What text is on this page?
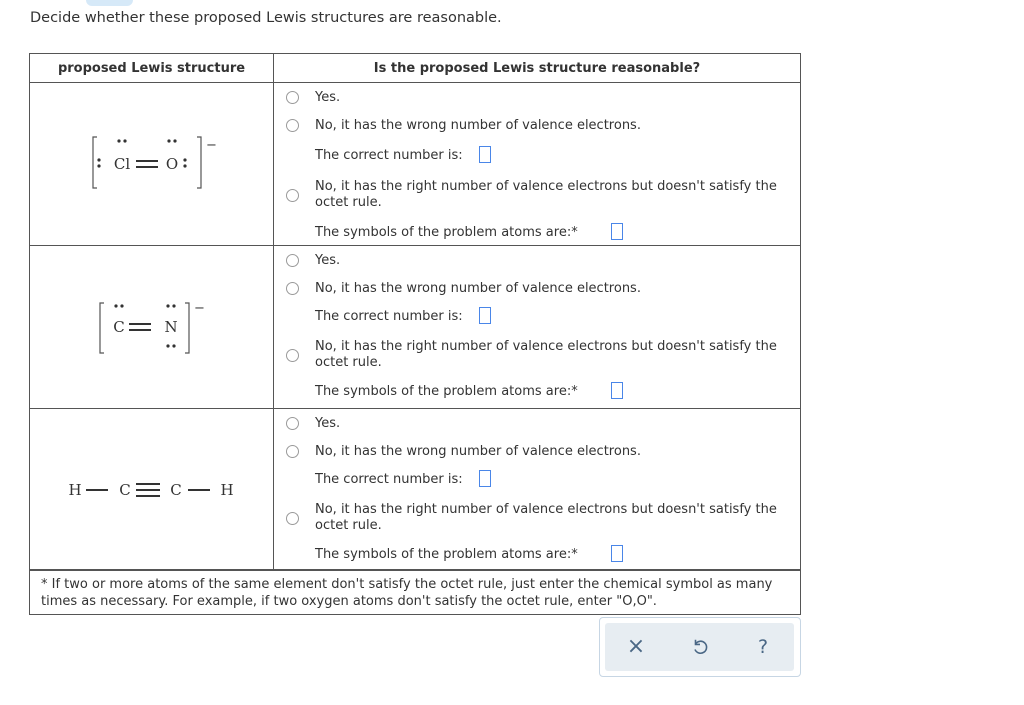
Decide whether these proposed Lewis structures are reasonable.
proposed Lewis structure	Is the proposed Lewis structure reasonable?
−
Cl O
Yes.
No, it has the wrong number of valence electrons.
The correct number is:
No, it has the right number of valence electrons but doesn't satisfy the
octet rule.
The symbols of the problem atoms are:*
−
C	N
Yes.
No, it has the wrong number of valence electrons.
The correct number is:
No, it has the right number of valence electrons but doesn't satisfy the
octet rule.
The symbols of the problem atoms are:*
H	C	C	H
Yes.
No, it has the wrong number of valence electrons.
The correct number is:
No, it has the right number of valence electrons but doesn't satisfy the
octet rule.
The symbols of the problem atoms are:*
* If two or more atoms of the same element don't satisfy the octet rule, just enter the chemical symbol as many
times as necessary. For example, if two oxygen atoms don't satisfy the octet rule, enter "O,O".
×	?
